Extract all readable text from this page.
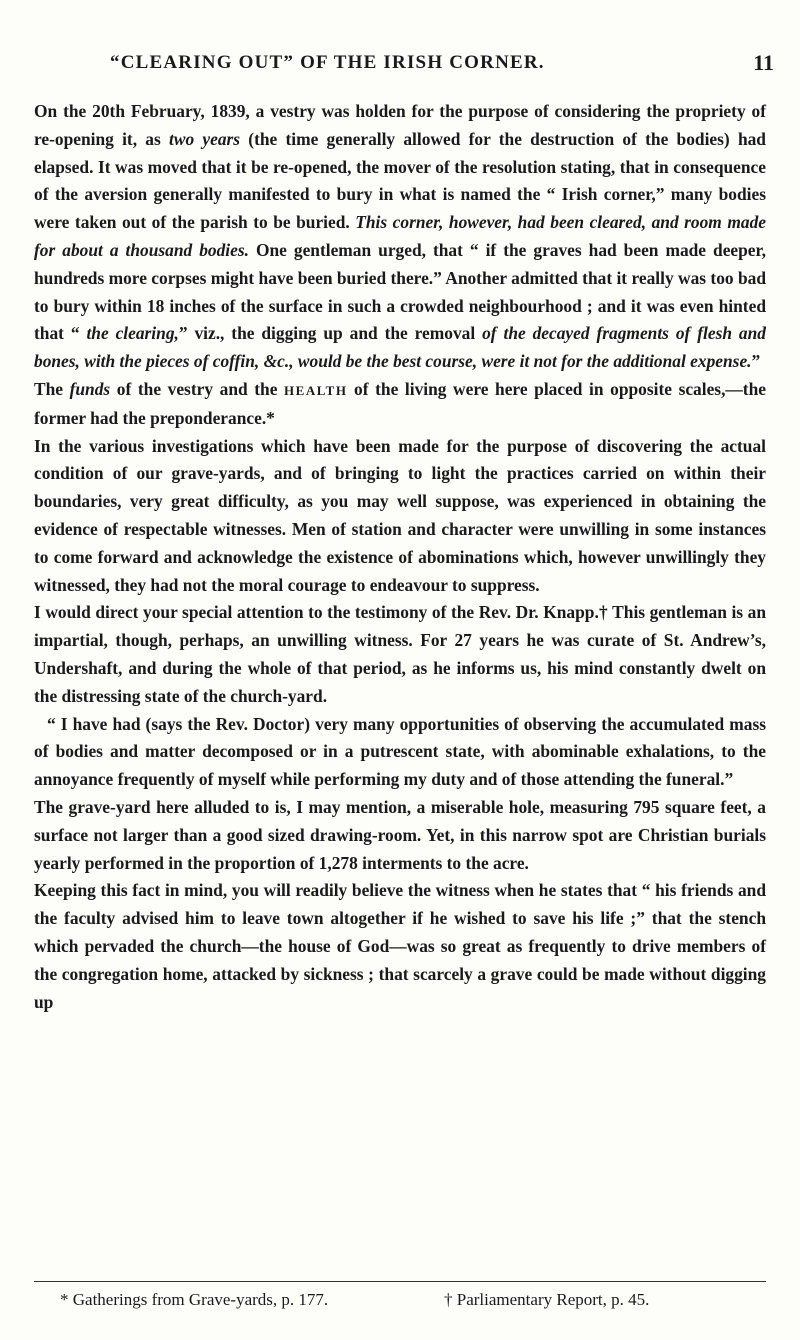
“CLEARING OUT” OF THE IRISH CORNER.	11

On the 20th February, 1839, a vestry was holden for the purpose of considering the propriety of re-opening it, as two years (the time generally allowed for the destruction of the bodies) had elapsed. It was moved that it be re-opened, the mover of the resolution stating, that in consequence of the aversion generally manifested to bury in what is named the “ Irish corner,” many bodies were taken out of the parish to be buried. This corner, however, had been cleared, and room made for about a thousand bodies. One gentleman urged, that “ if the graves had been made deeper, hundreds more corpses might have been buried there.” Another admitted that it really was too bad to bury within 18 inches of the surface in such a crowded neighbourhood ; and it was even hinted that “ the clearing,” viz., the digging up and the removal of the decayed fragments of flesh and bones, with the pieces of coffin, &c., would be the best course, were it not for the additional expense.”

The funds of the vestry and the HEALTH of the living were here placed in opposite scales,—the former had the preponderance.*

In the various investigations which have been made for the purpose of discovering the actual condition of our grave-yards, and of bringing to light the practices carried on within their boundaries, very great difficulty, as you may well suppose, was experienced in obtaining the evidence of respectable witnesses. Men of station and character were unwilling in some instances to come forward and acknowledge the existence of abominations which, however unwillingly they witnessed, they had not the moral courage to endeavour to suppress.

I would direct your special attention to the testimony of the Rev. Dr. Knapp.† This gentleman is an impartial, though, perhaps, an unwilling witness. For 27 years he was curate of St. Andrew’s, Undershaft, and during the whole of that period, as he informs us, his mind constantly dwelt on the distressing state of the church-yard.

“ I have had (says the Rev. Doctor) very many opportunities of observing the accumulated mass of bodies and matter decomposed or in a putrescent state, with abominable exhalations, to the annoyance frequently of myself while performing my duty and of those attending the funeral.”

The grave-yard here alluded to is, I may mention, a miserable hole, measuring 795 square feet, a surface not larger than a good sized drawing-room. Yet, in this narrow spot are Christian burials yearly performed in the proportion of 1,278 interments to the acre.

Keeping this fact in mind, you will readily believe the witness when he states that “ his friends and the faculty advised him to leave town altogether if he wished to save his life ;” that the stench which pervaded the church—the house of God—was so great as frequently to drive members of the congregation home, attacked by sickness ; that scarcely a grave could be made without digging up

* Gatherings from Grave-yards, p. 177.	† Parliamentary Report, p. 45.
